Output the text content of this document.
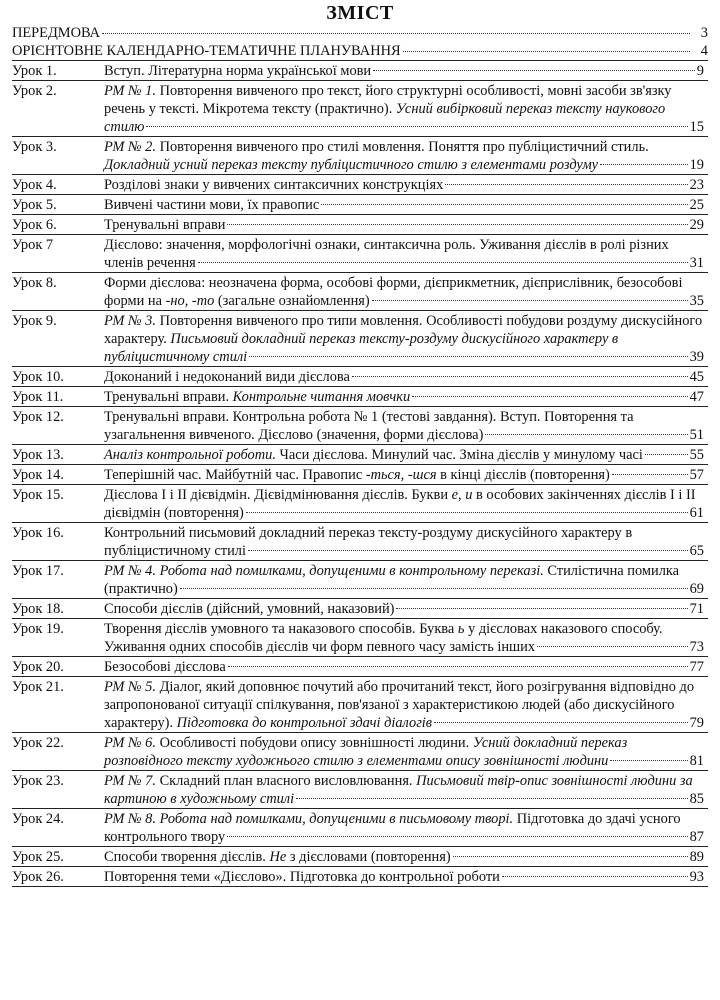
ЗМІСТ
ПЕРЕДМОВА	3
ОРІЄНТОВНЕ КАЛЕНДАРНО-ТЕМАТИЧНЕ ПЛАНУВАННЯ	4
Урок 1.	Вступ. Літературна норма української мови	9
Урок 2.	РМ № 1. Повторення вивченого про текст, його структурні особливості, мовні засоби зв'язку речень у тексті. Мікротема тексту (практично). Усний вибірковий переказ тексту наукового стилю	15
Урок 3.	РМ № 2. Повторення вивченого про стилі мовлення. Поняття про публіцистичний стиль. Докладний усний переказ тексту публіцистичного стилю з елементами роздуму	19
Урок 4.	Розділові знаки у вивчених синтаксичних конструкціях	23
Урок 5.	Вивчені частини мови, їх правопис	25
Урок 6.	Тренувальні вправи	29
Урок 7	Дієслово: значення, морфологічні ознаки, синтаксична роль. Уживання дієслів в ролі різних членів речення	31
Урок 8.	Форми дієслова: неозначена форма, особові форми, дієприкметник, дієприслівник, безособові форми на -но, -то (загальне ознайомлення)	35
Урок 9.	РМ № 3. Повторення вивченого про типи мовлення. Особливості побудови роздуму дискусійного характеру. Письмовий докладний переказ тексту-роздуму дискусійного характеру в публіцистичному стилі	39
Урок 10.	Доконаний і недоконаний види дієслова	45
Урок 11.	Тренувальні вправи. Контрольне читання мовчки	47
Урок 12.	Тренувальні вправи. Контрольна робота № 1 (тестові завдання). Вступ. Повторення та узагальнення вивченого. Дієслово (значення, форми дієслова)	51
Урок 13.	Аналіз контрольної роботи. Часи дієслова. Минулий час. Зміна дієслів у минулому часі	55
Урок 14.	Теперішній час. Майбутній час. Правопис -ться, -шся в кінці дієслів (повторення)	57
Урок 15.	Дієслова І і ІІ дієвідмін. Дієвідмінювання дієслів. Букви е, и в особових закінченнях дієслів І і ІІ дієвідмін (повторення)	61
Урок 16.	Контрольний письмовий докладний переказ тексту-роздуму дискусійного характеру в публіцистичному стилі	65
Урок 17.	РМ № 4. Робота над помилками, допущеними в контрольному переказі. Стилістична помилка (практично)	69
Урок 18.	Способи дієслів (дійсний, умовний, наказовий)	71
Урок 19.	Творення дієслів умовного та наказового способів. Буква ь у дієсловах наказового способу. Уживання одних способів дієслів чи форм певного часу замість інших	73
Урок 20.	Безособові дієслова	77
Урок 21.	РМ № 5. Діалог, який доповнює почутий або прочитаний текст, його розігрування відповідно до запропонованої ситуації спілкування, пов'язаної з характеристикою людей (або дискусійного характеру). Підготовка до контрольної здачі діалогів	79
Урок 22.	РМ № 6. Особливості побудови опису зовнішності людини. Усний докладний переказ розповідного тексту художнього стилю з елементами опису зовнішності людини	81
Урок 23.	РМ № 7. Складний план власного висловлювання. Письмовий твір-опис зовнішності людини за картиною в художньому стилі	85
Урок 24.	РМ № 8. Робота над помилками, допущеними в письмовому творі. Підготовка до здачі усного контрольного твору	87
Урок 25.	Способи творення дієслів. Не з дієсловами (повторення)	89
Урок 26.	Повторення теми «Дієслово». Підготовка до контрольної роботи	93
